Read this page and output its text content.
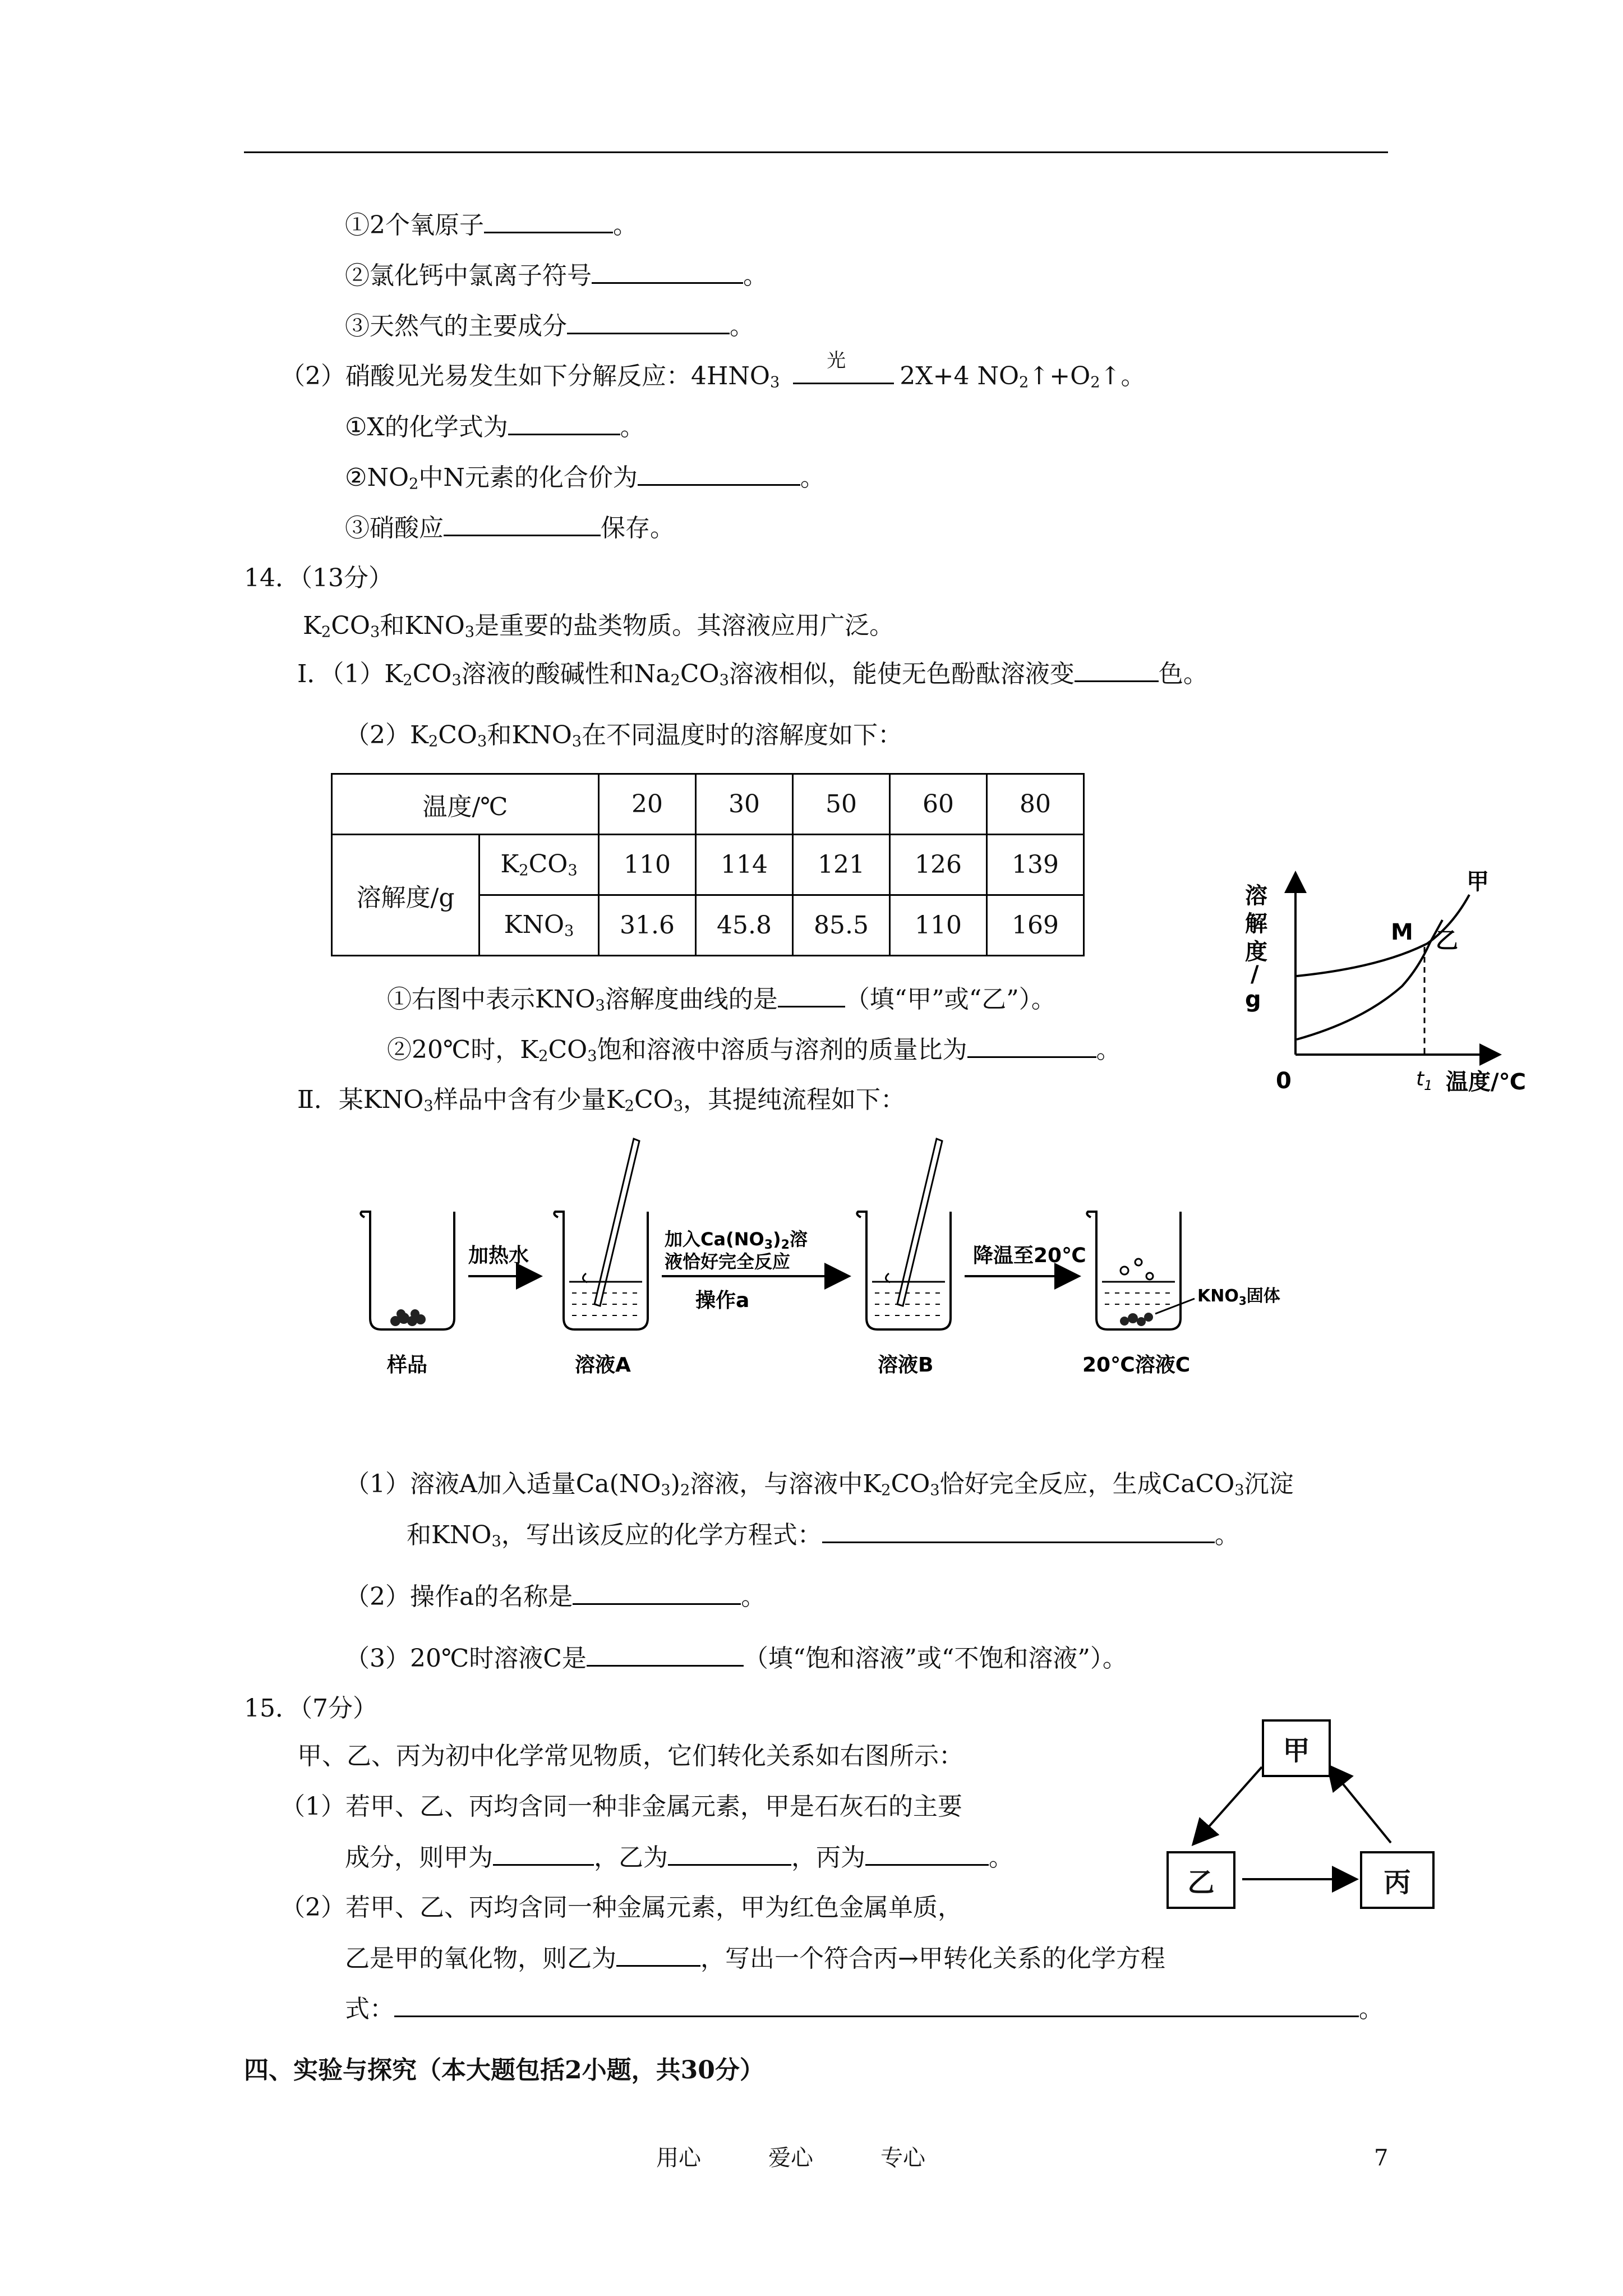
①2个氧原子	。
②氯化钙中氯离子符号	。
③天然气的主要成分	。
（2）硝酸见光易发生如下分解反应：$4HNO_3$
光
2X+4 $NO_2↑+O_2↑$。
①X的化学式为	。
$②NO_2$中N元素的化合价为	。
③硝酸应	保存。
14．（13分）
$K_2CO_3$和$KNO_3$是重要的盐类物质。其溶液应用广泛。
Ⅰ．$(1)K_2CO_3$溶液的酸碱性和$Na_2CO_3$溶液相似，能使无色酚酞溶液变	色。
$(2)K_2CO_3$和$KNO_3$在不同温度时的溶解度如下：
温度/℃		20	30	50	60	80
溶解度/g	$K_2CO_3$	110	114	121	126	139
	$KNO_3$	31.6	45.8	85.5	110	169
①右图中表示$KNO_3$溶解度曲线的是	（填“甲”或“乙”）。
②20℃时，$K_2CO_3$饱和溶液中溶质与溶剂的质量比为	。
溶
解
度
/
g
甲
乙
M
0	温度/℃
$t_1$
Ⅱ．某$KNO_3$样品中含有少量$K_2CO_3$，其提纯流程如下：
样品
加热水
溶液A
加入Ca(NO3)2溶
液恰好完全反应
操作a
溶液B
降温至20℃
$KNO_3$固体
20℃溶液C
（1）溶液A加入适量$Ca(NO_3)_2$溶液，与溶液中$K_2CO_3$恰好完全反应，生成CaCO$_3$沉淀
和$KNO_3$，写出该反应的化学方程式：	。
（2）操作a的名称是	。
（3）20℃时溶液C是	（填“饱和溶液”或“不饱和溶液”）。
15．（7分）
甲、乙、丙为初中化学常见物质，它们转化关系如右图所示：
（1）若甲、乙、丙均含同一种非金属元素，甲是石灰石的主要
成分，则甲为	，乙为	，丙为	。
（2）若甲、乙、丙均含同一种金属元素，甲为红色金属单质，
乙是甲的氧化物，则乙为	，写出一个符合丙→甲转化关系的化学方程
式：	。
甲
乙	丙
四、实验与探究（本大题包括2小题，共30分）
用心	爱心	专心	7
